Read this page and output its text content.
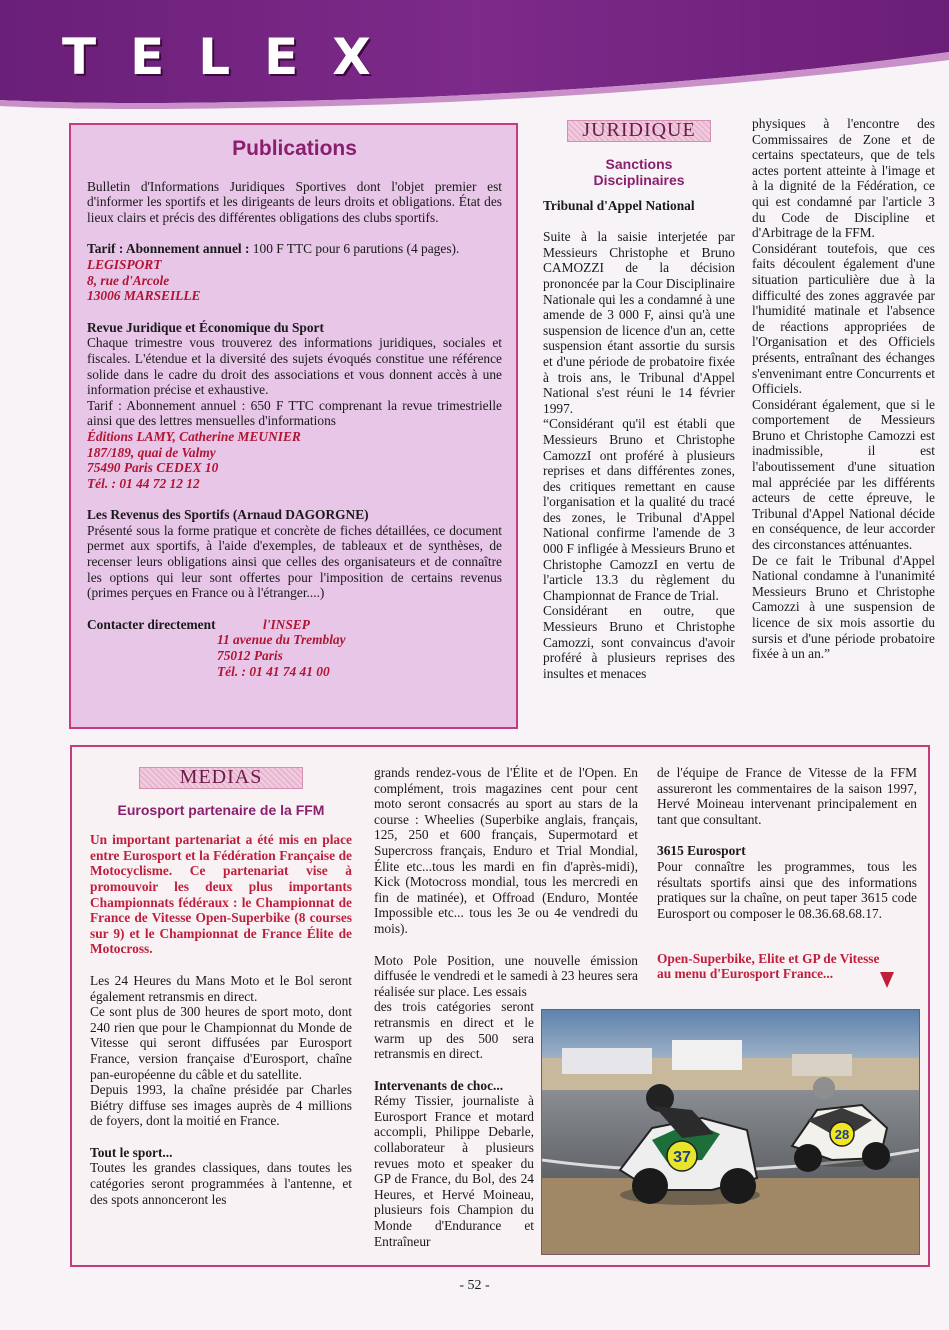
TELEX
Publications

Bulletin d'Informations Juridiques Sportives dont l'objet premier est d'informer les sportifs et les dirigeants de leurs droits et obligations. État des lieux clairs et précis des différentes obligations des clubs sportifs.

Tarif : Abonnement annuel : 100 F TTC pour 6 parutions (4 pages).

LEGISPORT

8, rue d'Arcole

13006 MARSEILLE

Revue Juridique et Économique du Sport

Chaque trimestre vous trouverez des informations juridiques, sociales et fiscales. L'étendue et la diversité des sujets évoqués constitue une référence solide dans le cadre du droit des associations et vous donnent accès à une information précise et exhaustive.

Tarif : Abonnement annuel : 650 F TTC comprenant la revue trimestrielle ainsi que des lettres mensuelles d'informations

Éditions LAMY, Catherine MEUNIER

187/189, quai de Valmy

75490 Paris CEDEX 10

Tél. : 01 44 72 12 12

Les Revenus des Sportifs (Arnaud DAGORGNE)

Présenté sous la forme pratique et concrète de fiches détaillées, ce document permet aux sportifs, à l'aide d'exemples, de tableaux et de synthèses, de recenser leurs obligations ainsi que celles des organisateurs et de connaître les options qui leur sont offertes pour l'imposition de certains revenus (primes perçues en France ou à l'étranger....)

Contacter directement	l'INSEP

11 avenue du Tremblay

75012 Paris

Tél. : 01 41 74 41 00

JURIDIQUE
Sanctions
Disciplinaires

Tribunal d'Appel National

Suite à la saisie interjetée par Messieurs Christophe et Bruno CAMOZZI de la décision prononcée par la Cour Disciplinaire Nationale qui les a condamné à une amende de 3 000 F, ainsi qu'à une suspension de licence d'un an, cette suspension étant assortie du sursis et d'une période de probatoire fixée à trois ans, le Tribunal d'Appel National s'est réuni le 14 février 1997.

“Considérant qu'il est établi que Messieurs Bruno et Christophe CamozzI ont proféré à plusieurs reprises et dans différentes zones, des critiques remettant en cause l'organisation et la qualité du tracé des zones, le Tribunal d'Appel National confirme l'amende de 3 000 F infligée à Messieurs Bruno et Christophe CamozzI en vertu de l'article 13.3 du règlement du Championnat de France de Trial.

Considérant en outre, que Messieurs Bruno et Christophe Camozzi, sont convaincus d'avoir proféré à plusieurs reprises des insultes et menaces

physiques à l'encontre des Commissaires de Zone et de certains spectateurs, que de tels actes portent atteinte à l'image et à la dignité de la Fédération, ce qui est condamné par l'article 3 du Code de Discipline et d'Arbitrage de la FFM.

Considérant toutefois, que ces faits découlent également d'une situation particulière due à la difficulté des zones aggravée par l'humidité matinale et l'absence de réactions appropriées de l'Organisation et des Officiels présents, entraînant des échanges s'envenimant entre Concurrents et Officiels.

Considérant également, que si le comportement de Messieurs Bruno et Christophe Camozzi est inadmissible, il est l'aboutissement d'une situation mal appréciée par les différents acteurs de cette épreuve, le Tribunal d'Appel National décide en conséquence, de leur accorder des circonstances atténuantes.

De ce fait le Tribunal d'Appel National condamne à l'unanimité Messieurs Bruno et Christophe Camozzi à une suspension de licence de six mois assortie du sursis et d'une période probatoire fixée à un an.”

MEDIAS
Eurosport partenaire de la FFM

Un important partenariat a été mis en place entre Eurosport et la Fédération Française de Motocyclisme. Ce partenariat vise à promouvoir les deux plus importants Championnats fédéraux : le Championnat de France de Vitesse Open-Superbike (8 courses sur 9) et le Championnat de France Élite de Motocross.

Les 24 Heures du Mans Moto et le Bol seront également retransmis en direct.

Ce sont plus de 300 heures de sport moto, dont 240 rien que pour le Championnat du Monde de Vitesse qui seront diffusées par Eurosport France, version française d'Eurosport, chaîne pan-européenne du câble et du satellite.

Depuis 1993, la chaîne présidée par Charles Biétry diffuse ses images auprès de 4 millions de foyers, dont la moitié en France.

Tout le sport...

Toutes les grandes classiques, dans toutes les catégories seront programmées à l'antenne, et des spots annonceront les

grands rendez-vous de l'Élite et de l'Open. En complément, trois magazines cent pour cent moto seront consacrés au sport au stars de la course : Wheelies (Superbike anglais, français, 125, 250 et 600 français, Supermotard et Supercross français, Enduro et Trial Mondial, Élite etc...tous les mardi en fin d'après-midi), Kick (Motocross mondial, tous les mercredi en fin de matinée), et Offroad (Enduro, Montée Impossible etc... tous les 3e ou 4e vendredi du mois).

Moto Pole Position, une nouvelle émission diffusée le vendredi et le samedi à 23 heures sera réalisée sur place. Les essais

des trois catégories seront retransmis en direct et le warm up des 500 sera retransmis en direct.

Intervenants de choc...

Rémy Tissier, journaliste à Eurosport France et motard accompli, Philippe Debarle, collaborateur à plusieurs revues moto et speaker du GP de France, du Bol, des 24 Heures, et Hervé Moineau, plusieurs fois Champion du Monde d'Endurance et Entraîneur

de l'équipe de France de Vitesse de la FFM assureront les commentaires de la saison 1997, Hervé Moineau intervenant principalement en tant que consultant.

3615 Eurosport

Pour connaître les programmes, tous les résultats sportifs ainsi que des informations pratiques sur la chaîne, on peut taper 3615 code Eurosport ou composer le 08.36.68.68.17.

Open-Superbike, Elite et GP de Vitesse au menu d'Eurosport France...

37
28
- 52 -
